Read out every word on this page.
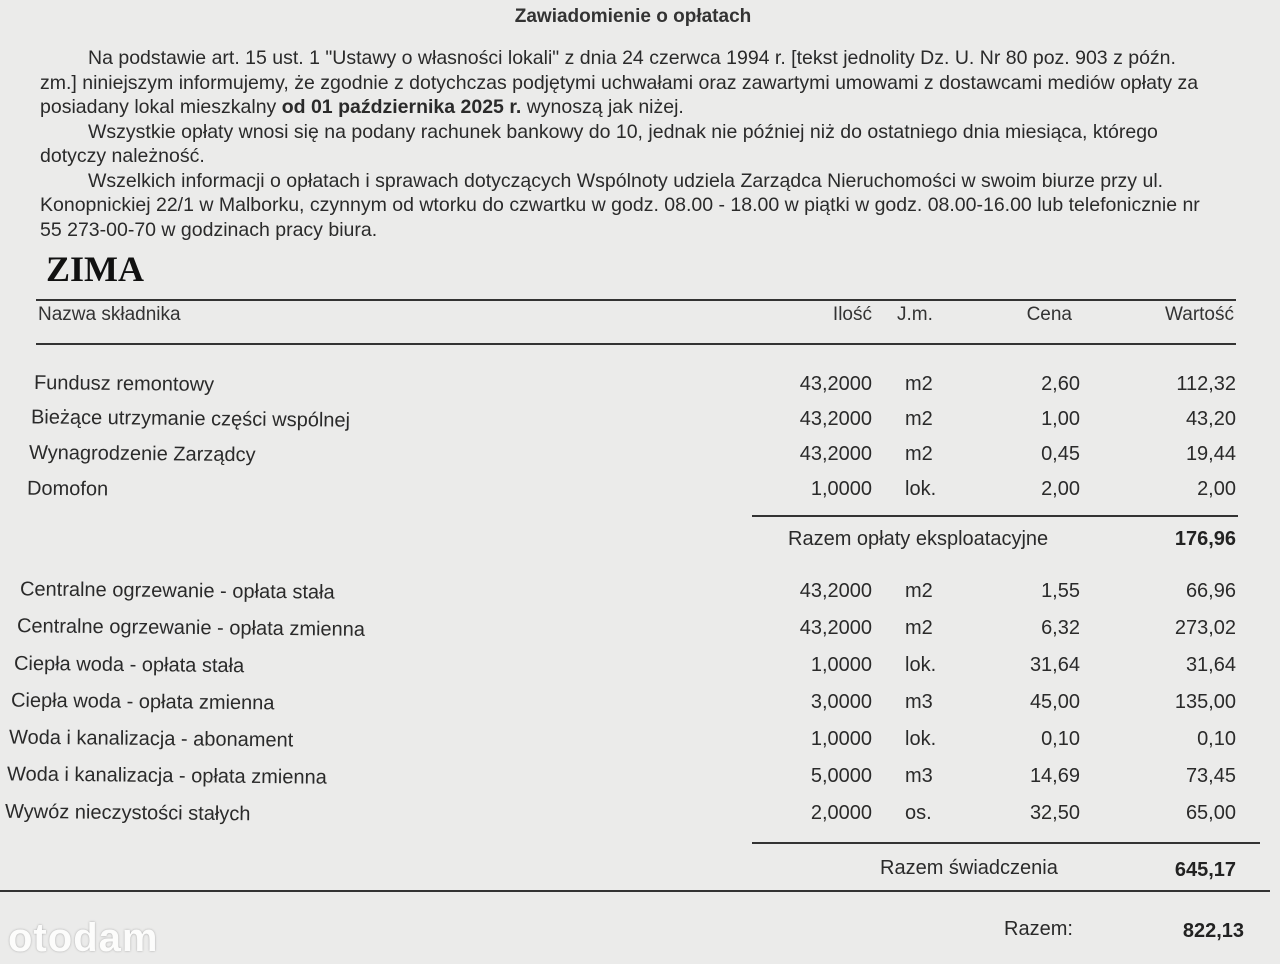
Zawiadomienie o opłatach

Na podstawie art. 15 ust. 1 "Ustawy o własności lokali" z dnia 24 czerwca 1994 r. [tekst jednolity Dz. U. Nr 80 poz. 903 z późn. zm.] niniejszym informujemy, że zgodnie z dotychczas podjętymi uchwałami oraz zawartymi umowami z dostawcami mediów opłaty za posiadany lokal mieszkalny od 01 października 2025 r. wynoszą jak niżej.

Wszystkie opłaty wnosi się na podany rachunek bankowy do 10, jednak nie później niż do ostatniego dnia miesiąca, którego dotyczy należność.

Wszelkich informacji o opłatach i sprawach dotyczących Wspólnoty udziela Zarządca Nieruchomości w swoim biurze przy ul. Konopnickiej 22/1 w Malborku, czynnym od wtorku do czwartku w godz. 08.00 - 18.00 w piątki w godz. 08.00-16.00 lub telefonicznie nr 55 273-00-70 w godzinach pracy biura.

ZIMA
Nazwa składnika	Ilość J.m.	Cena	Wartość
Fundusz remontowy	43,2000 m2	2,60	112,32
Bieżące utrzymanie części wspólnej	43,2000 m2	1,00	43,20
Wynagrodzenie Zarządcy	43,2000 m2	0,45	19,44
Domofon	1,0000 lok.	2,00	2,00
Razem opłaty eksploatacyjne	176,96
Centralne ogrzewanie - opłata stała	43,2000 m2	1,55	66,96
Centralne ogrzewanie - opłata zmienna	43,2000 m2	6,32	273,02
Ciepła woda - opłata stała	1,0000 lok.	31,64	31,64
Ciepła woda - opłata zmienna	3,0000 m3	45,00	135,00
Woda i kanalizacja - abonament	1,0000 lok.	0,10	0,10
Woda i kanalizacja - opłata zmienna	5,0000 m3	14,69	73,45
Wywóz nieczystości stałych	2,0000 os.	32,50	65,00
Razem świadczenia	645,17
Razem:	822,13
otodam
